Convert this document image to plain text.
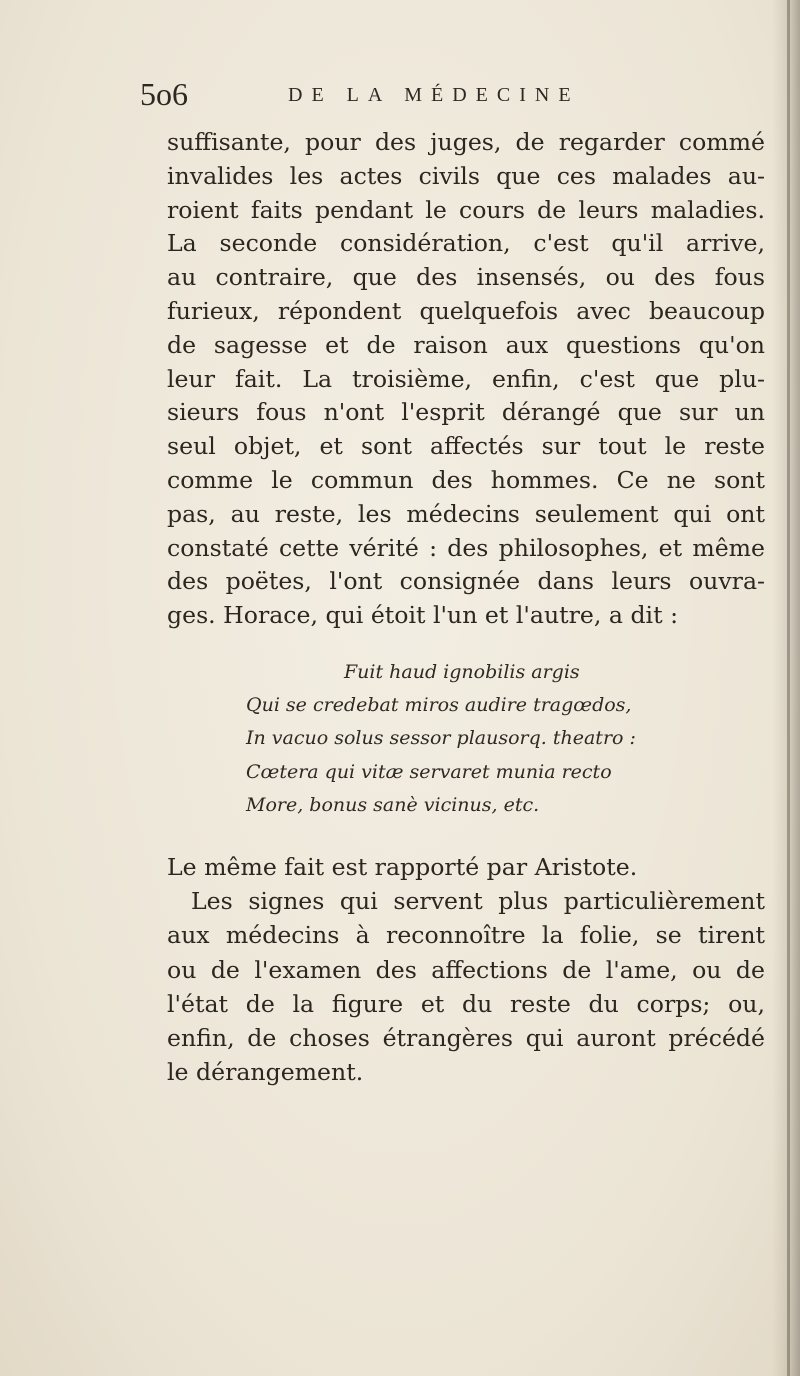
5o6	DE LA MÉDECINE
suffisante, pour des juges, de regarder commé
invalides les actes civils que ces malades au-
roient faits pendant le cours de leurs maladies.
La seconde considération, c'est qu'il arrive,
au contraire, que des insensés, ou des fous
furieux, répondent quelquefois avec beaucoup
de sagesse et de raison aux questions qu'on
leur fait. La troisième, enfin, c'est que plu-
sieurs fous n'ont l'esprit dérangé que sur un
seul objet, et sont affectés sur tout le reste
comme le commun des hommes. Ce ne sont
pas, au reste, les médecins seulement qui ont
constaté cette vérité : des philosophes, et même
des poëtes, l'ont consignée dans leurs ouvra-
ges. Horace, qui étoit l'un et l'autre, a dit :
Fuit haud ignobilis argis
Qui se credebat miros audire tragœdos,
In vacuo solus sessor plausorq. theatro :
Cœtera qui vitæ servaret munia recto
More, bonus sanè vicinus, etc.
Le même fait est rapporté par Aristote.
Les signes qui servent plus particulièrement
aux médecins à reconnoître la folie, se tirent
ou de l'examen des affections de l'ame, ou de
l'état de la figure et du reste du corps; ou,
enfin, de choses étrangères qui auront précédé
le dérangement.
